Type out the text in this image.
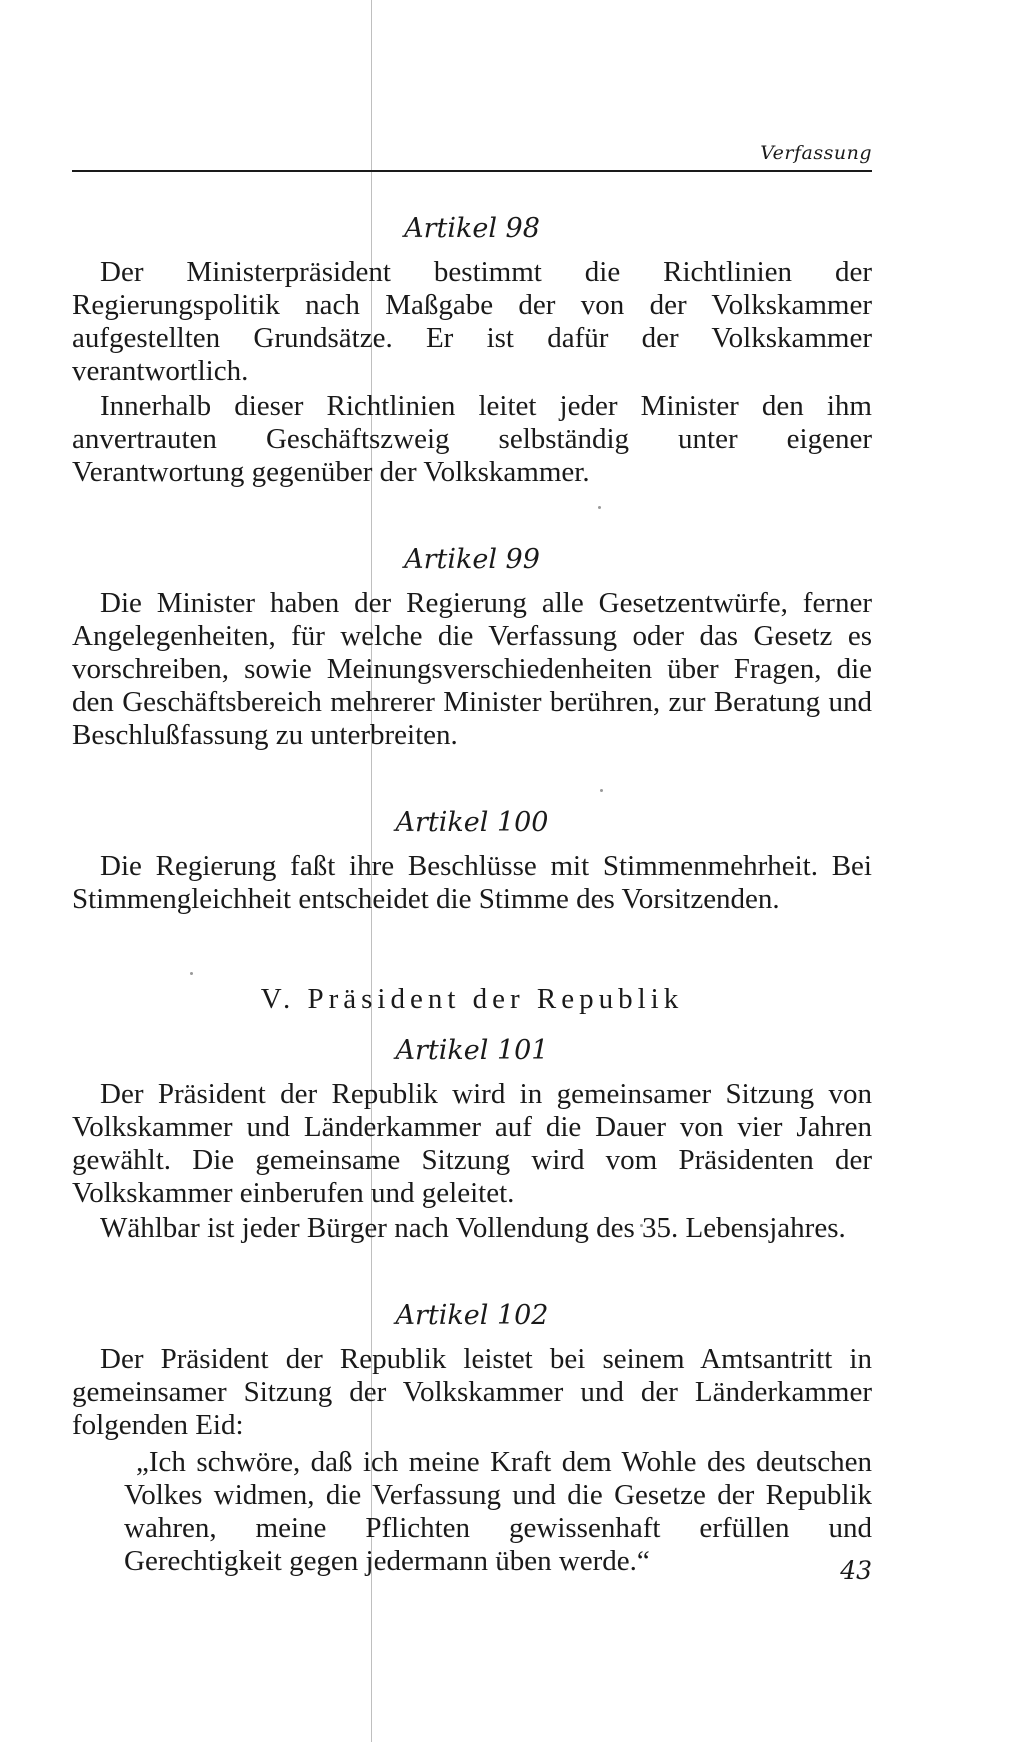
Verfassung
Artikel 98

Der Ministerpräsident bestimmt die Richtlinien der Regierungspolitik nach Maßgabe der von der Volkskammer aufgestellten Grundsätze. Er ist dafür der Volkskammer verantwortlich.

Innerhalb dieser Richtlinien leitet jeder Minister den ihm anvertrauten Geschäftszweig selbständig unter eigener Verantwortung gegenüber der Volkskammer.

Artikel 99

Die Minister haben der Regierung alle Gesetzentwürfe, ferner Angelegenheiten, für welche die Verfassung oder das Gesetz es vorschreiben, sowie Meinungsverschiedenheiten über Fragen, die den Geschäftsbereich mehrerer Minister berühren, zur Beratung und Beschlußfassung zu unterbreiten.

Artikel 100

Die Regierung faßt ihre Beschlüsse mit Stimmenmehrheit. Bei Stimmengleichheit entscheidet die Stimme des Vorsitzenden.

V. Präsident der Republik
Artikel 101

Der Präsident der Republik wird in gemeinsamer Sitzung von Volkskammer und Länderkammer auf die Dauer von vier Jahren gewählt. Die gemeinsame Sitzung wird vom Präsidenten der Volkskammer einberufen und geleitet.

Wählbar ist jeder Bürger nach Vollendung des 35. Lebensjahres.

Artikel 102

Der Präsident der Republik leistet bei seinem Amtsantritt in gemeinsamer Sitzung der Volkskammer und der Länderkammer folgenden Eid:

„Ich schwöre, daß ich meine Kraft dem Wohle des deutschen Volkes widmen, die Verfassung und die Gesetze der Republik wahren, meine Pflichten gewissenhaft erfüllen und Gerechtigkeit gegen jedermann üben werde.“	43
